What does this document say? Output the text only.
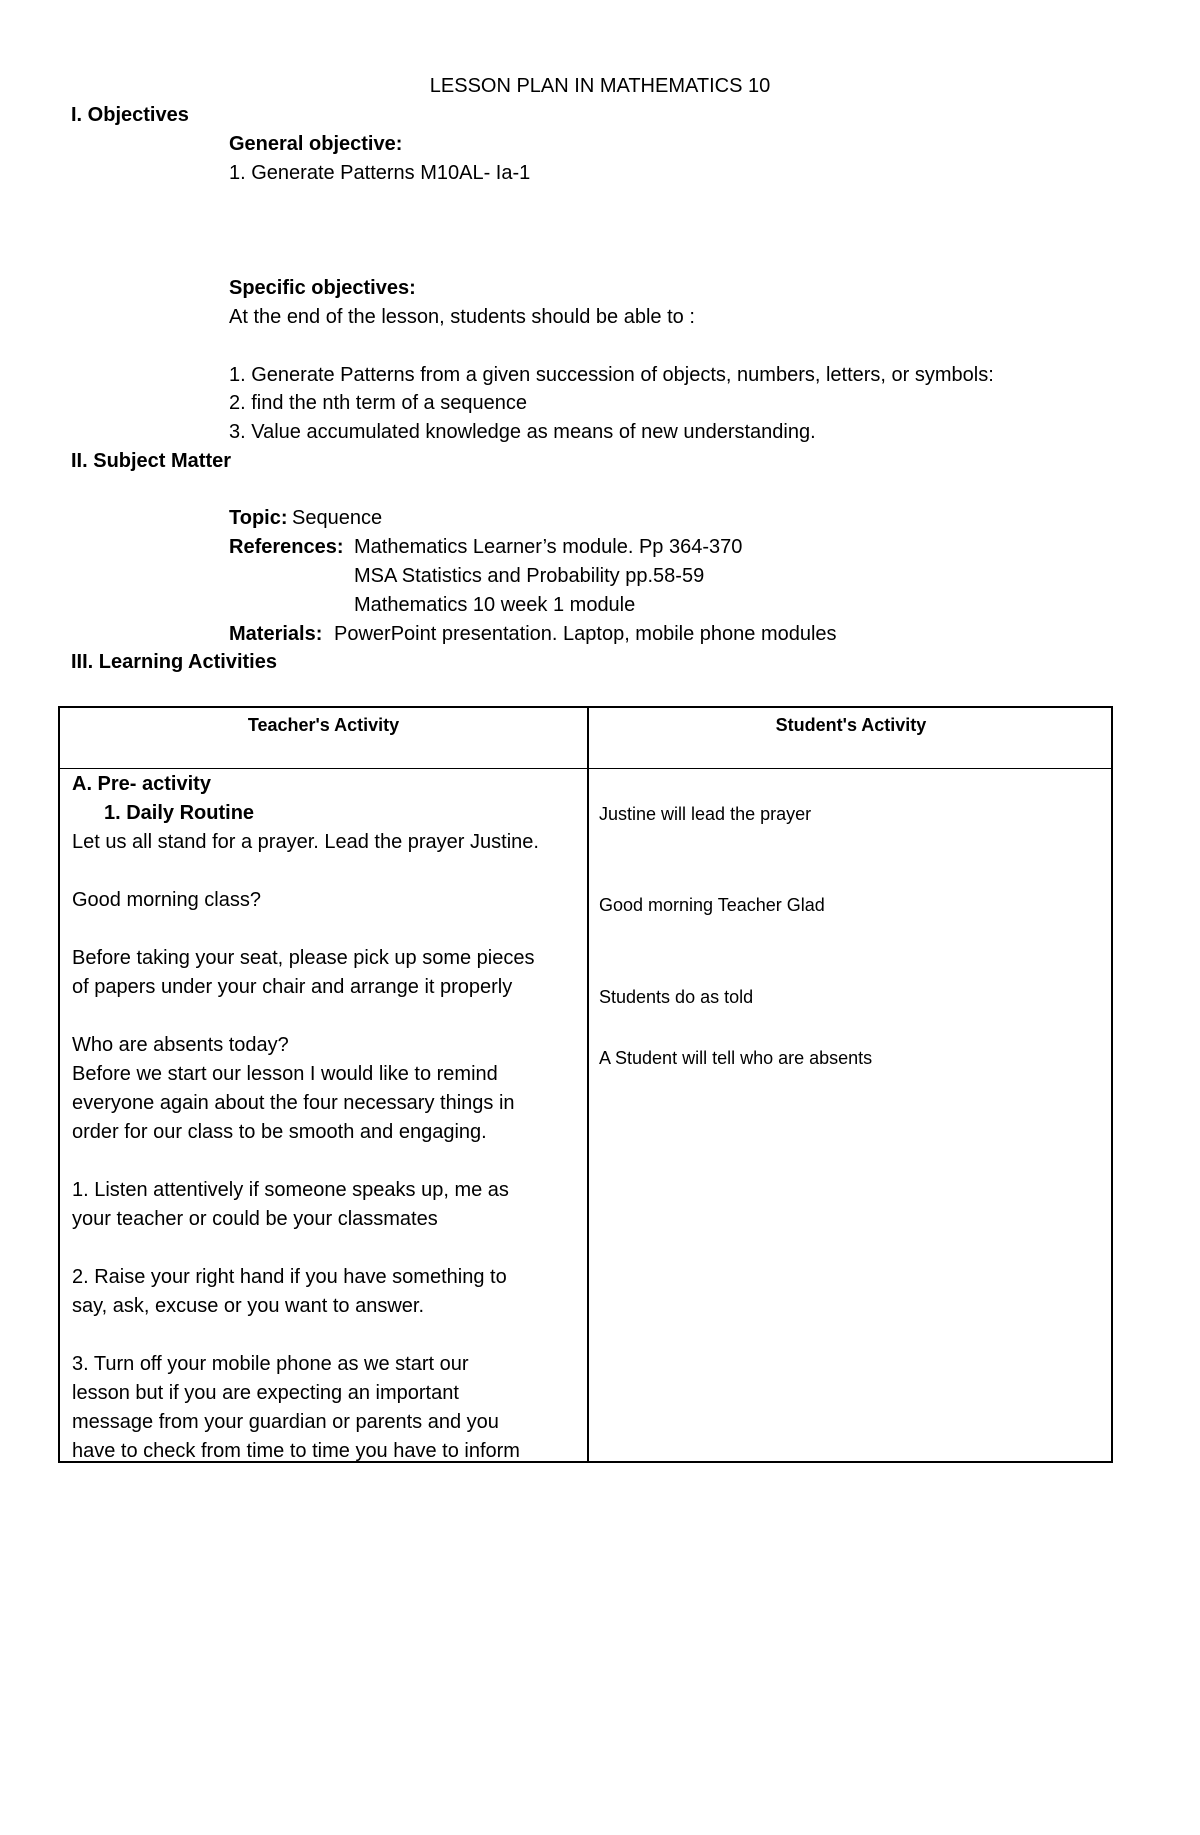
LESSON PLAN IN MATHEMATICS 10
I. Objectives
General objective:
1. Generate Patterns M10AL- Ia-1
Specific objectives:
At the end of the lesson, students should be able to :
1. Generate Patterns from a given succession of objects, numbers, letters, or symbols:
2. find the nth term of a sequence
3. Value accumulated knowledge as means of new understanding.
II. Subject Matter
Topic: Sequence
References: Mathematics Learner’s module. Pp 364-370
MSA Statistics and Probability pp.58-59
Mathematics 10 week 1 module
Materials: PowerPoint presentation. Laptop, mobile phone modules
III. Learning Activities
Teacher's Activity	Student's Activity

A. Pre- activity

1. Daily Routine

Let us all stand for a prayer. Lead the prayer Justine.

Good morning class?

Before taking your seat, please pick up some pieces

of papers under your chair and arrange it properly

Who are absents today?

Before we start our lesson I would like to remind

everyone again about the four necessary things in

order for our class to be smooth and engaging.

1. Listen attentively if someone speaks up, me as

your teacher or could be your classmates

2. Raise your right hand if you have something to

say, ask, excuse or you want to answer.

3. Turn off your mobile phone as we start our

lesson but if you are expecting an important

message from your guardian or parents and you

have to check from time to time you have to inform

Justine will lead the prayer
Good morning Teacher Glad
Students do as told
A Student will tell who are absents
